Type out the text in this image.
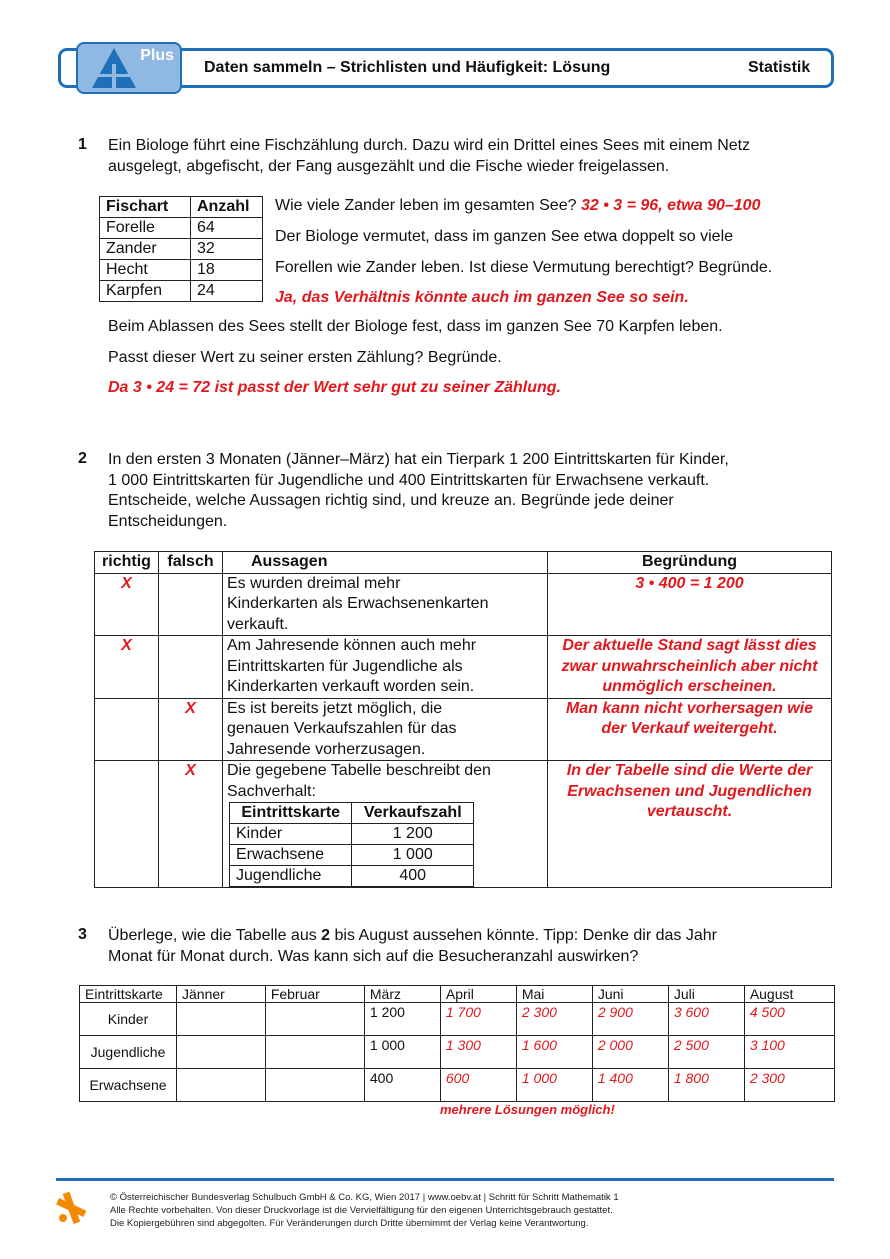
Plus
Daten sammeln – Strichlisten und Häufigkeit: Lösung	Statistik
1 Ein Biologe führt eine Fischzählung durch. Dazu wird ein Drittel eines Sees mit einem Netz
ausgelegt, abgefischt, der Fang ausgezählt und die Fische wieder freigelassen.
Fischart	Anzahl
Forelle	64
Zander	32
Hecht	18
Karpfen	24
Wie viele Zander leben im gesamten See? 32 • 3 = 96, etwa 90–100
Der Biologe vermutet, dass im ganzen See etwa doppelt so viele
Forellen wie Zander leben. Ist diese Vermutung berechtigt? Begründe.
Ja, das Verhältnis könnte auch im ganzen See so sein.
Beim Ablassen des Sees stellt der Biologe fest, dass im ganzen See 70 Karpfen leben.
Passt dieser Wert zu seiner ersten Zählung? Begründe.
Da 3 • 24 = 72 ist passt der Wert sehr gut zu seiner Zählung.
2 In den ersten 3 Monaten (Jänner–März) hat ein Tierpark 1 200 Eintrittskarten für Kinder,
1 000 Eintrittskarten für Jugendliche und 400 Eintrittskarten für Erwachsene verkauft.
Entscheide, welche Aussagen richtig sind, und kreuze an. Begründe jede deiner
Entscheidungen.
richtig	falsch	Aussagen	Begründung
X		Es wurden dreimal mehr
Kinderkarten als Erwachsenenkarten
verkauft.

3 • 400 = 1 200

X		Am Jahresende können auch mehr
Eintrittskarten für Jugendliche als
Kinderkarten verkauft worden sein.

Der aktuelle Stand sagt lässt dies
zwar unwahrscheinlich aber nicht
unmöglich erscheinen.

	X	Es ist bereits jetzt möglich, die
genauen Verkaufszahlen für das
Jahresende vorherzusagen.

Man kann nicht vorhersagen wie
der Verkauf weitergeht.

	X	Die gegebene Tabelle beschreibt den
Sachverhalt:
Eintrittskarte	Verkaufszahl
Kinder	1 200
Erwachsene	1 000
Jugendliche	400

In der Tabelle sind die Werte der
Erwachsenen und Jugendlichen
vertauscht.
3 Überlege, wie die Tabelle aus 2 bis August aussehen könnte. Tipp: Denke dir das Jahr
Monat für Monat durch. Was kann sich auf die Besucheranzahl auswirken?
Eintrittskarte	Jänner	Februar	März	April	Mai	Juni	Juli	August
Kinder			1 200	1 700	2 300	2 900	3 600	4 500
Jugendliche			1 000	1 300	1 600	2 000	2 500	3 100
Erwachsene			400	600	1 000	1 400	1 800	2 300
mehrere Lösungen möglich!
© Österreichischer Bundesverlag Schulbuch GmbH & Co. KG, Wien 2017 | www.oebv.at | Schritt für Schritt Mathematik 1
Alle Rechte vorbehalten. Von dieser Druckvorlage ist die Vervielfältigung für den eigenen Unterrichtsgebrauch gestattet.
Die Kopiergebühren sind abgegolten. Für Veränderungen durch Dritte übernimmt der Verlag keine Verantwortung.
